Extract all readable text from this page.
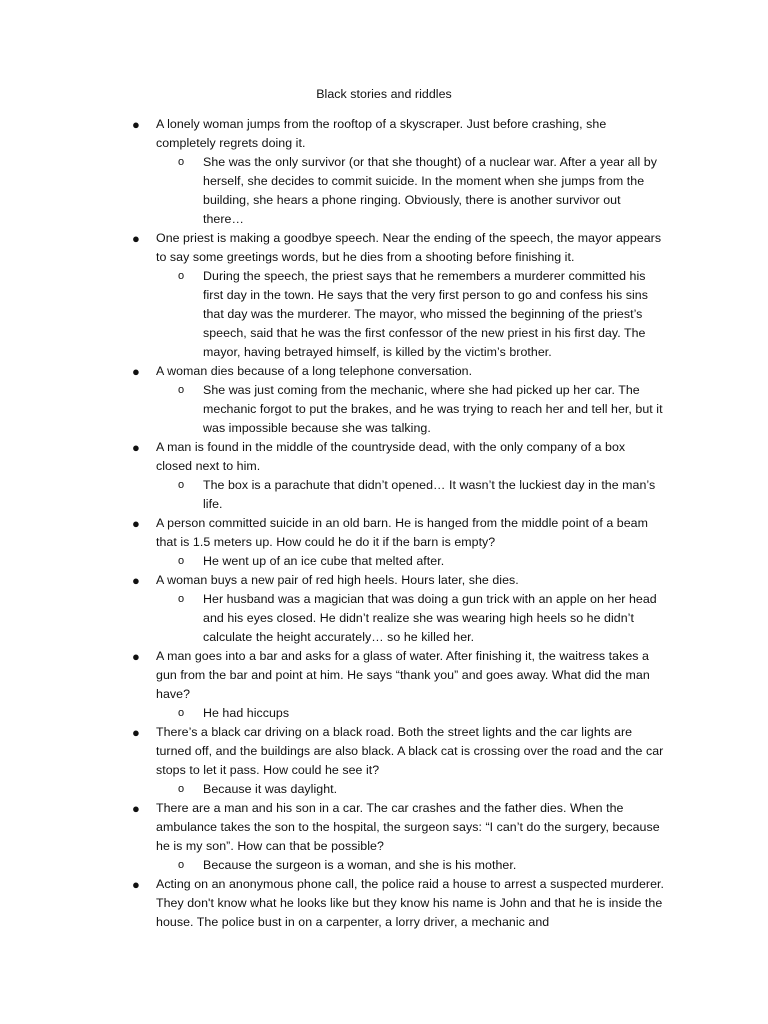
Black stories and riddles
● A lonely woman jumps from the rooftop of a skyscraper. Just before crashing, she completely regrets doing it.
o She was the only survivor (or that she thought) of a nuclear war. After a year all by herself, she decides to commit suicide. In the moment when she jumps from the building, she hears a phone ringing. Obviously, there is another survivor out there…
● One priest is making a goodbye speech. Near the ending of the speech, the mayor appears to say some greetings words, but he dies from a shooting before finishing it.
o During the speech, the priest says that he remembers a murderer committed his first day in the town. He says that the very first person to go and confess his sins that day was the murderer. The mayor, who missed the beginning of the priest’s speech, said that he was the first confessor of the new priest in his first day. The mayor, having betrayed himself, is killed by the victim’s brother.
● A woman dies because of a long telephone conversation.
o She was just coming from the mechanic, where she had picked up her car. The mechanic forgot to put the brakes, and he was trying to reach her and tell her, but it was impossible because she was talking.
● A man is found in the middle of the countryside dead, with the only company of a box closed next to him.
o The box is a parachute that didn’t opened… It wasn’t the luckiest day in the man’s life.
● A person committed suicide in an old barn. He is hanged from the middle point of a beam that is 1.5 meters up. How could he do it if the barn is empty?
o He went up of an ice cube that melted after.
● A woman buys a new pair of red high heels. Hours later, she dies.
o Her husband was a magician that was doing a gun trick with an apple on her head and his eyes closed. He didn’t realize she was wearing high heels so he didn’t calculate the height accurately… so he killed her.
● A man goes into a bar and asks for a glass of water. After finishing it, the waitress takes a gun from the bar and point at him. He says “thank you” and goes away. What did the man have?
o He had hiccups
● There’s a black car driving on a black road. Both the street lights and the car lights are turned off, and the buildings are also black. A black cat is crossing over the road and the car stops to let it pass. How could he see it?
o Because it was daylight.
● There are a man and his son in a car. The car crashes and the father dies. When the ambulance takes the son to the hospital, the surgeon says: “I can’t do the surgery, because he is my son”. How can that be possible?
o Because the surgeon is a woman, and she is his mother.
● Acting on an anonymous phone call, the police raid a house to arrest a suspected murderer. They don't know what he looks like but they know his name is John and that he is inside the house. The police bust in on a carpenter, a lorry driver, a mechanic and
